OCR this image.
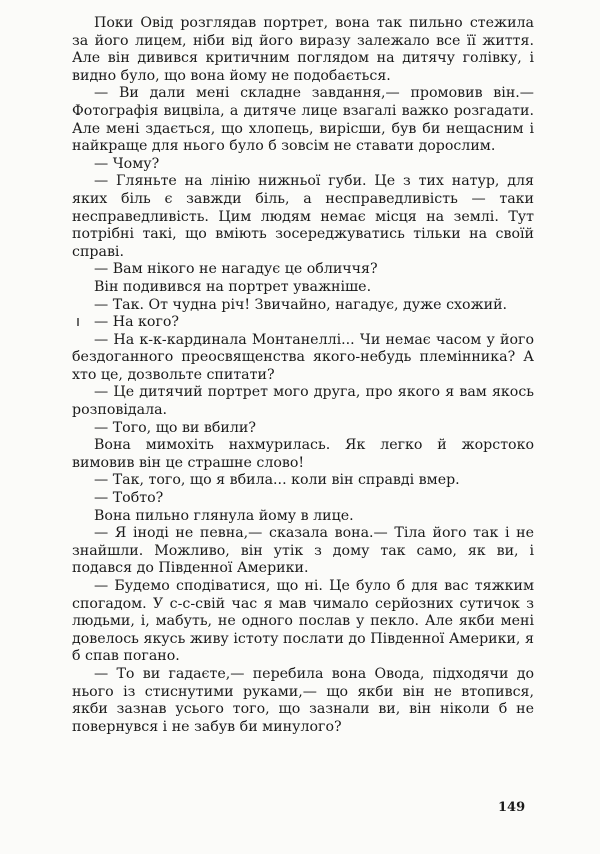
Поки Овід розглядав портрет, вона так пильно стежила за його лицем, ніби від його виразу залежало все її життя. Але він дивився критичним поглядом на дитячу голівку, і видно було, що вона йому не подобається.

— Ви дали мені складне завдання,— промовив він.— Фотографія вицвіла, а дитяче лице взагалі важко розгадати. Але мені здається, що хлопець, вирісши, був би нещасним і найкраще для нього було б зовсім не ставати дорослим.

— Чому?

— Гляньте на лінію нижньої губи. Це з тих натур, для яких біль є завжди біль, а несправедливість — таки несправедливість. Цим людям немає місця на землі. Тут потрібні такі, що вміють зосереджуватись тільки на своїй справі.

— Вам нікого не нагадує це обличчя?

Він подивився на портрет уважніше.

— Так. От чудна річ! Звичайно, нагадує, дуже схожий.

— На кого?

— На к-к-кардинала Монтанеллі... Чи немає часом у його бездоганного преосвященства якого-небудь племінника? А хто це, дозвольте спитати?

— Це дитячий портрет мого друга, про якого я вам якось розповідала.

— Того, що ви вбили?

Вона мимохіть нахмурилась. Як легко й жорстоко вимовив він це страшне слово!

— Так, того, що я вбила... коли він справді вмер.

— Тобто?

Вона пильно глянула йому в лице.

— Я іноді не певна,— сказала вона.— Тіла його так і не знайшли. Можливо, він утік з дому так само, як ви, і подався до Південної Америки.

— Будемо сподіватися, що ні. Це було б для вас тяжким спогадом. У с-с-свій час я мав чимало серйозних сутичок з людьми, і, мабуть, не одного послав у пекло. Але якби мені довелось якусь живу істоту послати до Південної Америки, я б спав погано.

— То ви гадаєте,— перебила вона Овода, підходячи до нього із стиснутими руками,— що якби він не втопився, якби зазнав усього того, що зазнали ви, він ніколи б не повернувся і не забув би минулого?

149
